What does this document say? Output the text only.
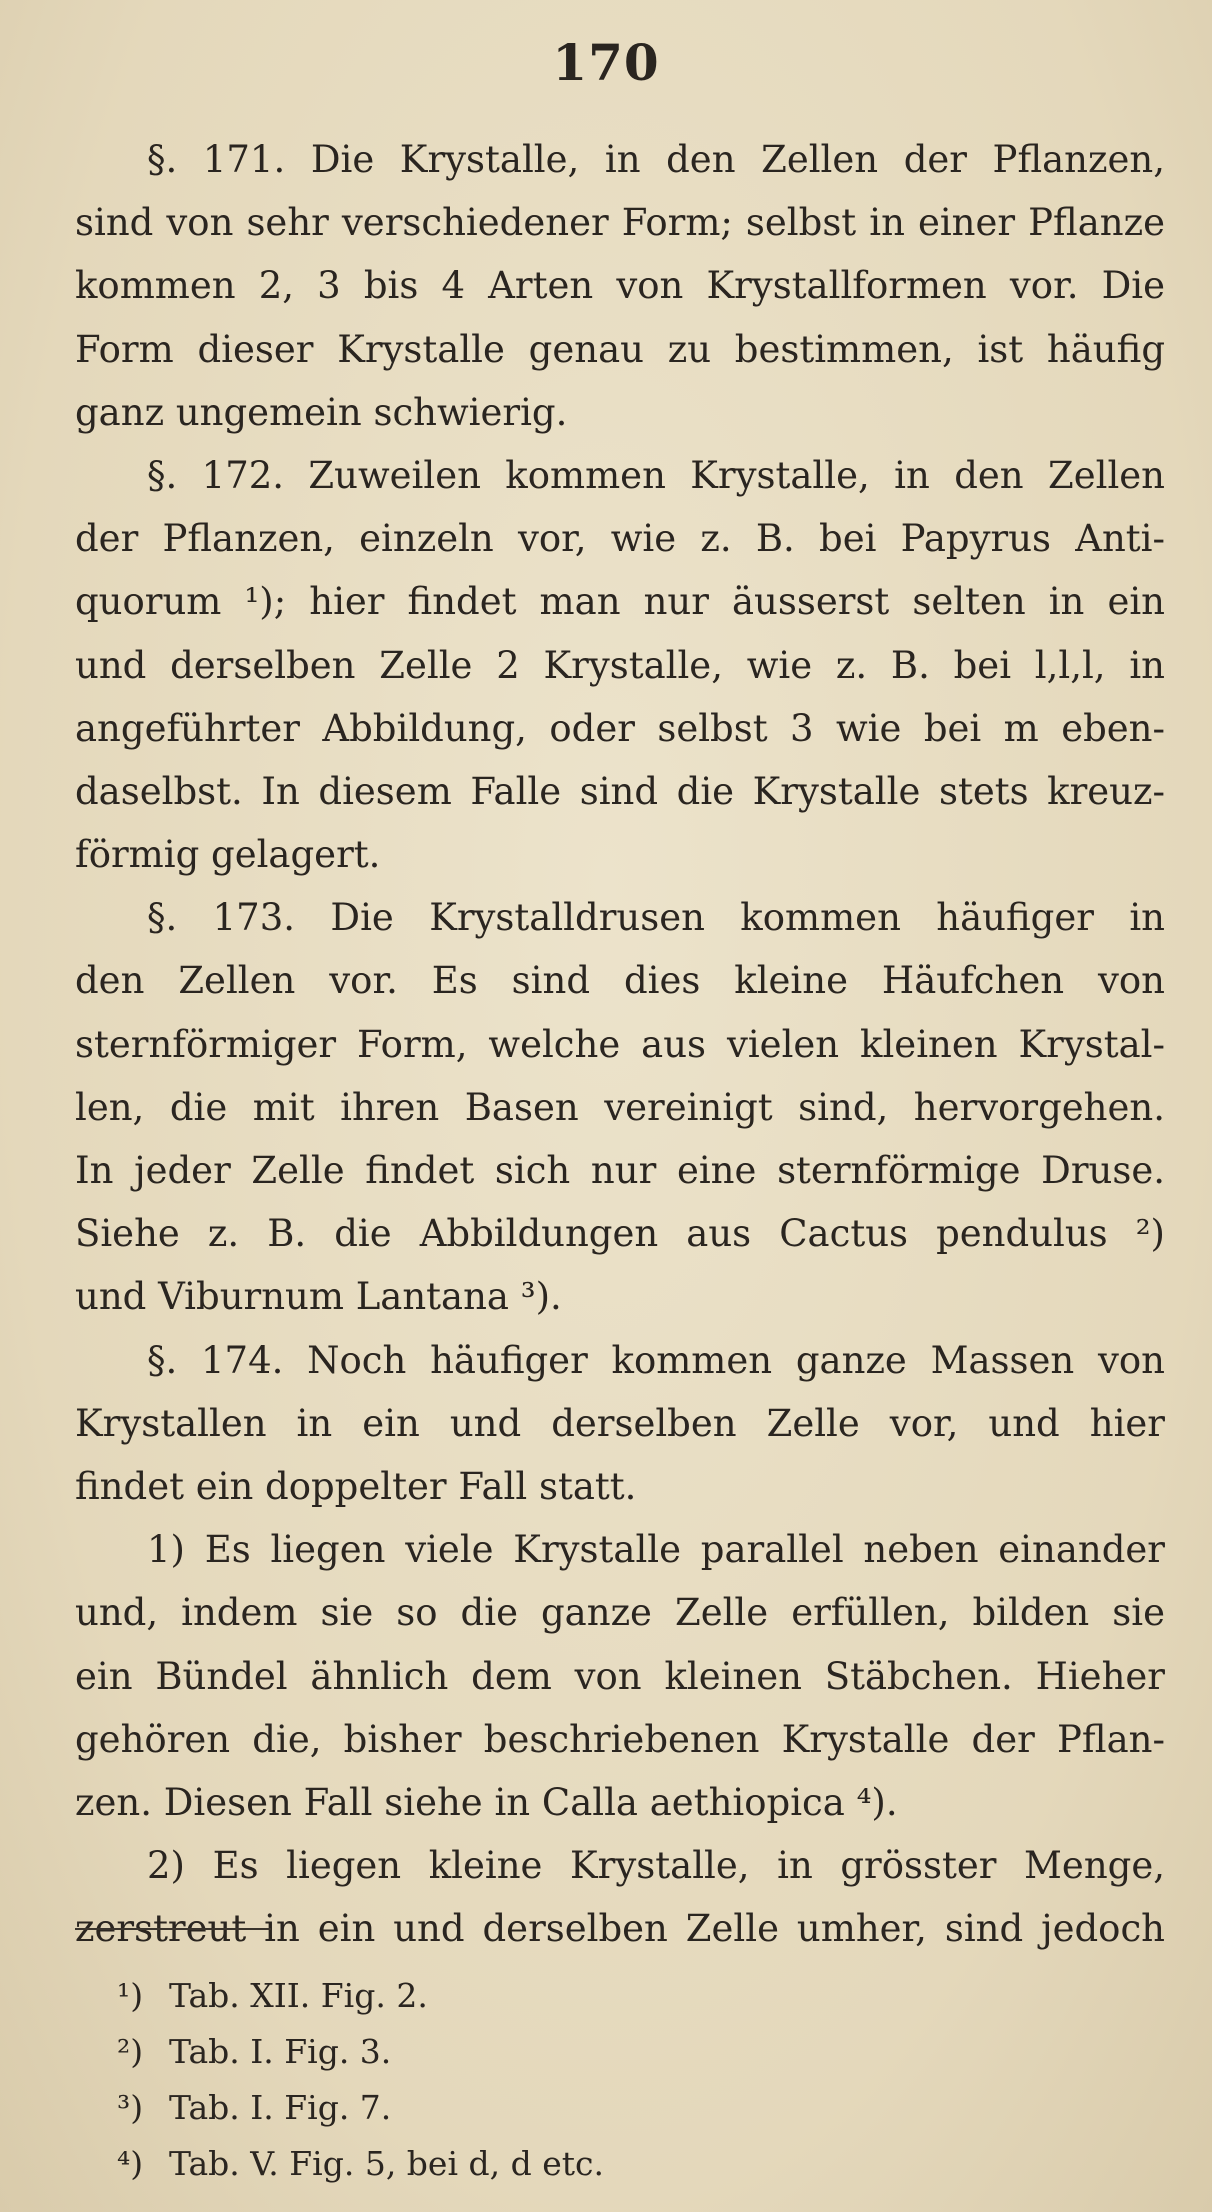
170
§. 171. Die Krystalle, in den Zellen der Pflanzen,
sind von sehr verschiedener Form; selbst in einer Pflanze
kommen 2, 3 bis 4 Arten von Krystallformen vor. Die
Form dieser Krystalle genau zu bestimmen, ist häufig
ganz ungemein schwierig.
§. 172. Zuweilen kommen Krystalle, in den Zellen
der Pflanzen, einzeln vor, wie z. B. bei Papyrus Anti-
quorum ¹); hier findet man nur äusserst selten in ein
und derselben Zelle 2 Krystalle, wie z. B. bei l,l,l, in
angeführter Abbildung, oder selbst 3 wie bei m eben-
daselbst. In diesem Falle sind die Krystalle stets kreuz-
förmig gelagert.
§. 173. Die Krystalldrusen kommen häufiger in
den Zellen vor. Es sind dies kleine Häufchen von
sternförmiger Form, welche aus vielen kleinen Krystal-
len, die mit ihren Basen vereinigt sind, hervorgehen.
In jeder Zelle findet sich nur eine sternförmige Druse.
Siehe z. B. die Abbildungen aus Cactus pendulus ²)
und Viburnum Lantana ³).
§. 174. Noch häufiger kommen ganze Massen von
Krystallen in ein und derselben Zelle vor, und hier
findet ein doppelter Fall statt.
1) Es liegen viele Krystalle parallel neben einander
und, indem sie so die ganze Zelle erfüllen, bilden sie
ein Bündel ähnlich dem von kleinen Stäbchen. Hieher
gehören die, bisher beschriebenen Krystalle der Pflan-
zen. Diesen Fall siehe in Calla aethiopica ⁴).
2) Es liegen kleine Krystalle, in grösster Menge,
zerstreut in ein und derselben Zelle umher, sind jedoch
¹) Tab. XII. Fig. 2.
²) Tab. I. Fig. 3.
³) Tab. I. Fig. 7.
⁴) Tab. V. Fig. 5, bei d, d etc.
